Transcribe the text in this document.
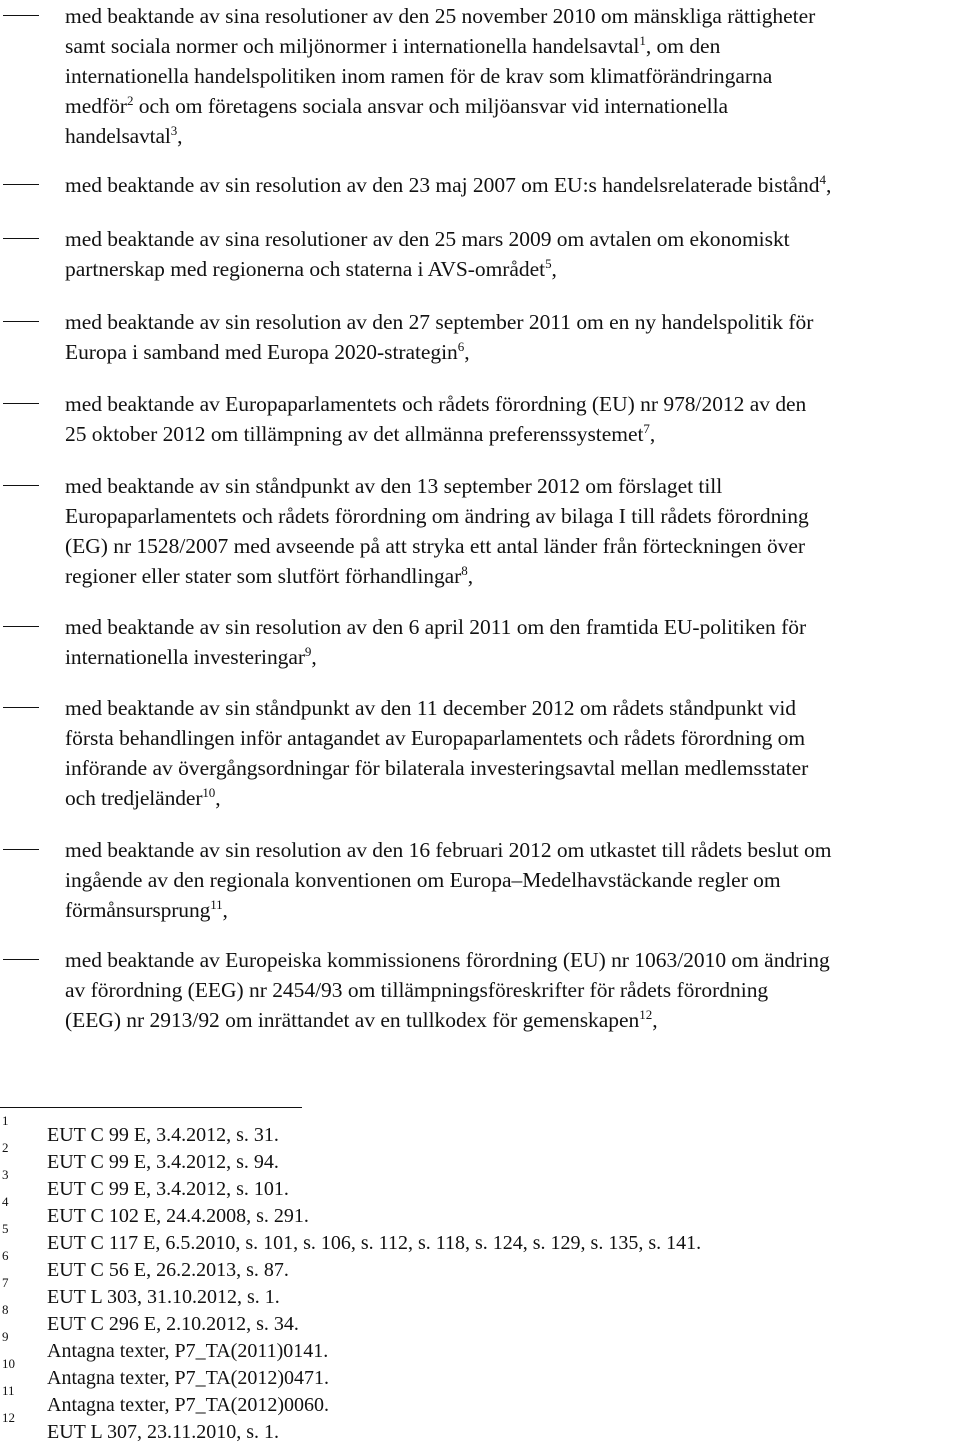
med beaktande av sina resolutioner av den 25 november 2010 om mänskliga rättigheter
samt sociala normer och miljönormer i internationella handelsavtal$^1$, om den
internationella handelspolitiken inom ramen för de krav som klimatförändringarna
medför$^2$ och om företagens sociala ansvar och miljöansvar vid internationella
handelsavtal$^3$,
med beaktande av sin resolution av den 23 maj 2007 om EU:s handelsrelaterade bistånd$^4$,
med beaktande av sina resolutioner av den 25 mars 2009 om avtalen om ekonomiskt
partnerskap med regionerna och staterna i AVS-området$^5$,
med beaktande av sin resolution av den 27 september 2011 om en ny handelspolitik för
Europa i samband med Europa 2020-strategin$^6$,
med beaktande av Europaparlamentets och rådets förordning (EU) nr 978/2012 av den
25 oktober 2012 om tillämpning av det allmänna preferenssystemet$^7$,
med beaktande av sin ståndpunkt av den 13 september 2012 om förslaget till
Europaparlamentets och rådets förordning om ändring av bilaga I till rådets förordning
(EG) nr 1528/2007 med avseende på att stryka ett antal länder från förteckningen över
regioner eller stater som slutfört förhandlingar$^8$,
med beaktande av sin resolution av den 6 april 2011 om den framtida EU-politiken för
internationella investeringar$^9$,
med beaktande av sin ståndpunkt av den 11 december 2012 om rådets ståndpunkt vid
första behandlingen inför antagandet av Europaparlamentets och rådets förordning om
införande av övergångsordningar för bilaterala investeringsavtal mellan medlemsstater
och tredjeländer$^{10}$,
med beaktande av sin resolution av den 16 februari 2012 om utkastet till rådets beslut om
ingående av den regionala konventionen om Europa–Medelhavstäckande regler om
förmånsursprung$^{11}$,
med beaktande av Europeiska kommissionens förordning (EU) nr 1063/2010 om ändring
av förordning (EEG) nr 2454/93 om tillämpningsföreskrifter för rådets förordning
(EEG) nr 2913/92 om inrättandet av en tullkodex för gemenskapen$^{12}$,
1
EUT C 99 E, 3.4.2012, s. 31.
2
EUT C 99 E, 3.4.2012, s. 94.
3
EUT C 99 E, 3.4.2012, s. 101.
4
EUT C 102 E, 24.4.2008, s. 291.
5
EUT C 117 E, 6.5.2010, s. 101, s. 106, s. 112, s. 118, s. 124, s. 129, s. 135, s. 141.
6
EUT C 56 E, 26.2.2013, s. 87.
7
EUT L 303, 31.10.2012, s. 1.
8
EUT C 296 E, 2.10.2012, s. 34.
9
Antagna texter, P7_TA(2011)0141.
10
Antagna texter, P7_TA(2012)0471.
11
Antagna texter, P7_TA(2012)0060.
12
EUT L 307, 23.11.2010, s. 1.
